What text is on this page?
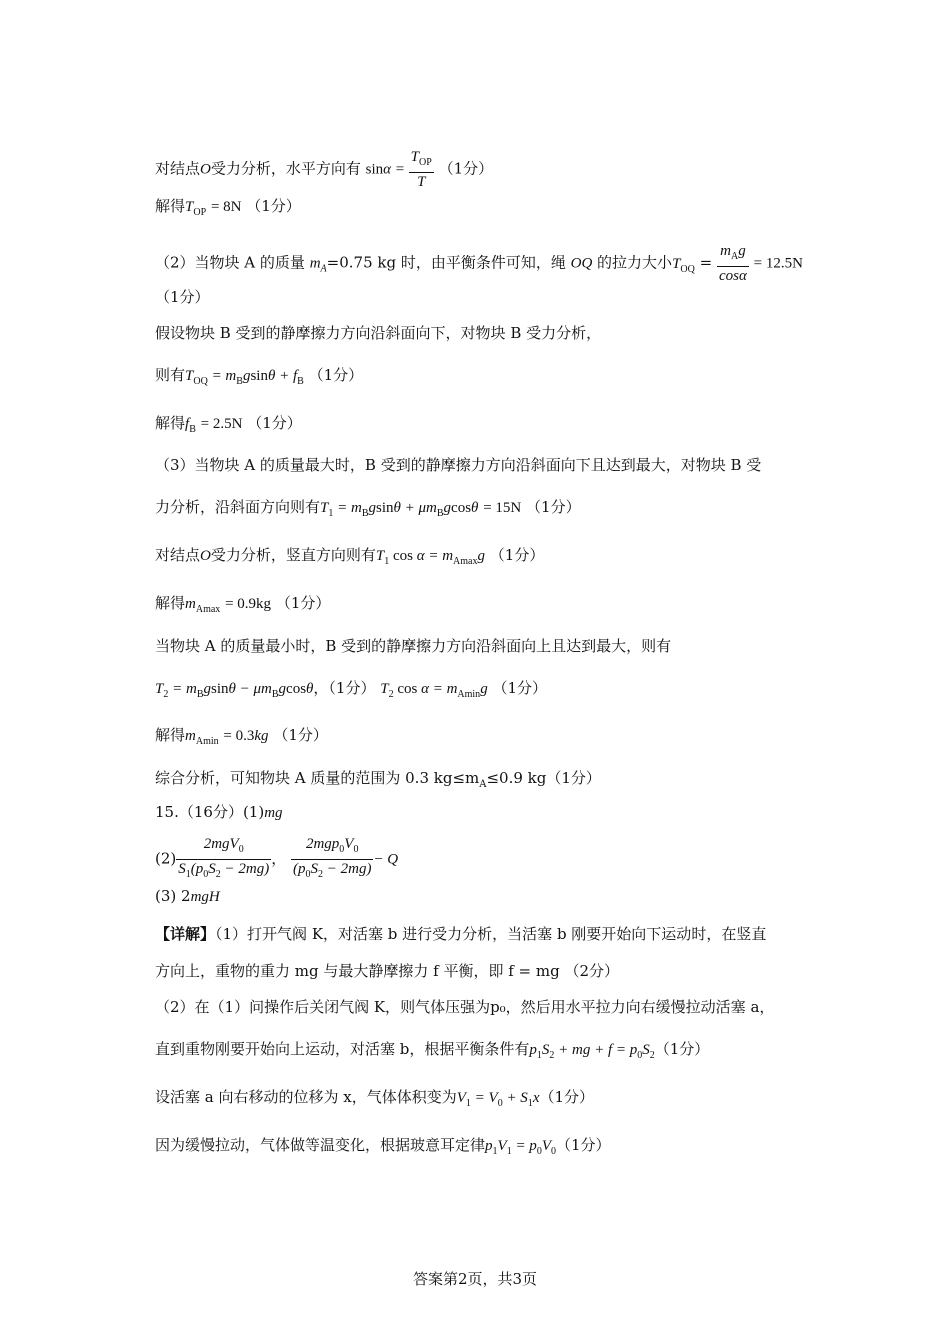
对结点O受力分析，水平方向有 $\sin\alpha = \frac{T_{OP}}{T} (1$分）
解得$T_{OP} = 8N$ （1分）
（2）当物块 A 的质量 $m_A=0.75$ kg 时，由平衡条件可知，绳 OQ 的拉力大小$T_{OQ} = \frac{m_Ag}{\cos\alpha} = 12.5N$
（1分）
假设物块 B 受到的静摩擦力方向沿斜面向下，对物块 B 受力分析，
则有$T_{OQ} = m_Bgsin\theta + f_B$ （1分）
解得$f_B = 2.5N$ （1分）
（3）当物块 A 的质量最大时，B 受到的静摩擦力方向沿斜面向下且达到最大，对物块 B 受
力分析，沿斜面方向则有$T_1 = m_Bgsin\theta + \mu m_Bgcos\theta = 15N$ （1分）
对结点O受力分析，竖直方向则有$T_1$ $\cos \alpha = m_{Amax}g$ （1分）
解得$m_{Amax} = 0.9kg$ （1分）
当物块 A 的质量最小时，B 受到的静摩擦力方向沿斜面向上且达到最大，则有
$T_2 = m_Bgsin\theta - \mu m_Bgcos\theta$，（1分） $T_2$ $\cos \alpha = m_{Amin}g$ （1分）
解得$m_{Amin} = 0.3kg$ （1分）
综合分析，可知物块 A 质量的范围为 0.3 $kg\le m_A\le 0.9$ kg（1分）
15.（16分）(1)mg
$(2) \frac{2mgV_0}{S_1(p_0S_2 - 2mg)}$ ， $\frac{2mgp_0V_0}{(p_0S_2 - 2mg)} - Q$
(3) 2mgH
【详解】（1）打开气阀 K，对活塞 b 进行受力分析，当活塞 b 刚要开始向下运动时，在竖直
方向上，重物的重力 mg 与最大静摩擦力 f 平衡，即 f = mg （2分）
（2）在（1）问操作后关闭气阀 K，则气体压强为p₀，然后用水平拉力向右缓慢拉动活塞 a，
直到重物刚要开始向上运动，对活塞 b，根据平衡条件有$p_1S_2$ + mg + $f = p_0S_2(1$分）
设活塞 a 向右移动的位移为 x，气体体积变为$V_1 = V_0 + S_1x(1$分）
因为缓慢拉动，气体做等温变化，根据玻意耳定律$p_1V_1 = p_0V_0(1$分）
答案第2页，共3页
